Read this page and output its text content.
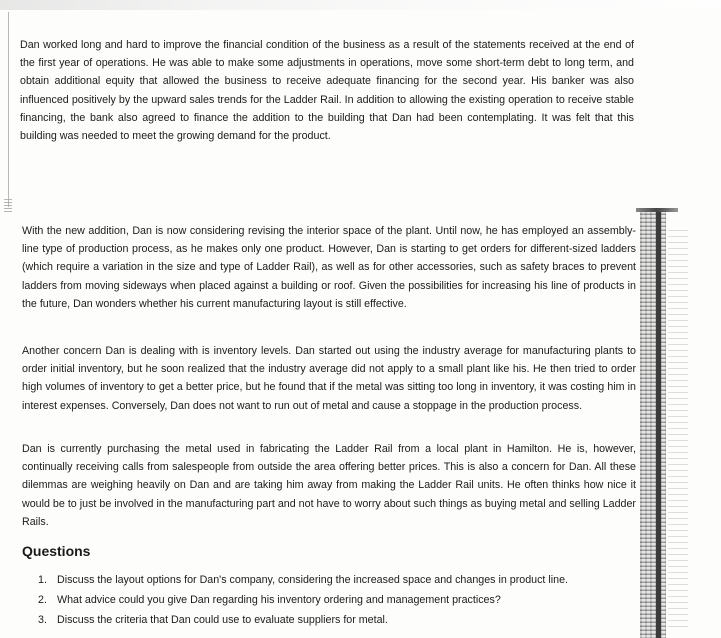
Dan worked long and hard to improve the financial condition of the business as a result of the statements received at the end of the first year of operations. He was able to make some adjustments in operations, move some short-term debt to long term, and obtain additional equity that allowed the business to receive adequate financing for the second year. His banker was also influenced positively by the upward sales trends for the Ladder Rail. In addition to allowing the existing operation to receive stable financing, the bank also agreed to finance the addition to the building that Dan had been contemplating. It was felt that this building was needed to meet the growing demand for the product.

With the new addition, Dan is now considering revising the interior space of the plant. Until now, he has employed an assembly-line type of production process, as he makes only one product. However, Dan is starting to get orders for different-sized ladders (which require a variation in the size and type of Ladder Rail), as well as for other accessories, such as safety braces to prevent ladders from moving sideways when placed against a building or roof. Given the possibilities for increasing his line of products in the future, Dan wonders whether his current manufacturing layout is still effective.

Another concern Dan is dealing with is inventory levels. Dan started out using the industry average for manufacturing plants to order initial inventory, but he soon realized that the industry average did not apply to a small plant like his. He then tried to order high volumes of inventory to get a better price, but he found that if the metal was sitting too long in inventory, it was costing him in interest expenses. Conversely, Dan does not want to run out of metal and cause a stoppage in the production process.

Dan is currently purchasing the metal used in fabricating the Ladder Rail from a local plant in Hamilton. He is, however, continually receiving calls from salespeople from outside the area offering better prices. This is also a concern for Dan. All these dilemmas are weighing heavily on Dan and are taking him away from making the Ladder Rail units. He often thinks how nice it would be to just be involved in the manufacturing part and not have to worry about such things as buying metal and selling Ladder Rails.

Questions
1. Discuss the layout options for Dan's company, considering the increased space and changes in product line.
2. What advice could you give Dan regarding his inventory ordering and management practices?
3. Discuss the criteria that Dan could use to evaluate suppliers for metal.
